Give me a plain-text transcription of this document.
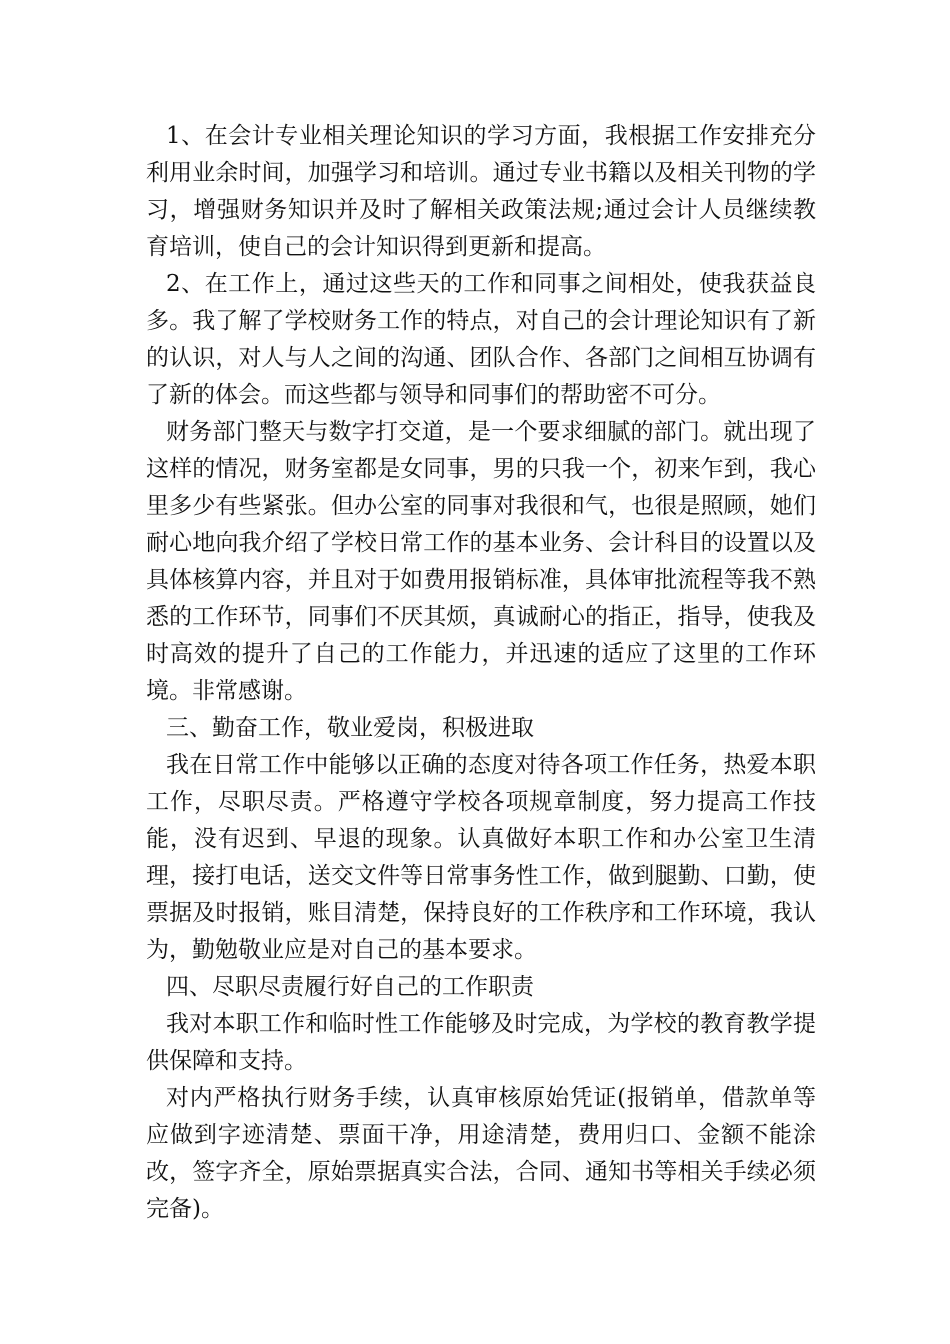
1、在会计专业相关理论知识的学习方面，我根据工作安排充分利用业余时间，加强学习和培训。通过专业书籍以及相关刊物的学习，增强财务知识并及时了解相关政策法规;通过会计人员继续教育培训，使自己的会计知识得到更新和提高。

2、在工作上，通过这些天的工作和同事之间相处，使我获益良多。我了解了学校财务工作的特点，对自己的会计理论知识有了新的认识，对人与人之间的沟通、团队合作、各部门之间相互协调有了新的体会。而这些都与领导和同事们的帮助密不可分。

财务部门整天与数字打交道，是一个要求细腻的部门。就出现了这样的情况，财务室都是女同事，男的只我一个，初来乍到，我心里多少有些紧张。但办公室的同事对我很和气，也很是照顾，她们耐心地向我介绍了学校日常工作的基本业务、会计科目的设置以及具体核算内容，并且对于如费用报销标准，具体审批流程等我不熟悉的工作环节，同事们不厌其烦，真诚耐心的指正，指导，使我及时高效的提升了自己的工作能力，并迅速的适应了这里的工作环境。非常感谢。

三、勤奋工作，敬业爱岗，积极进取

我在日常工作中能够以正确的态度对待各项工作任务，热爱本职工作，尽职尽责。严格遵守学校各项规章制度，努力提高工作技能，没有迟到、早退的现象。认真做好本职工作和办公室卫生清理，接打电话，送交文件等日常事务性工作，做到腿勤、口勤，使票据及时报销，账目清楚，保持良好的工作秩序和工作环境，我认为，勤勉敬业应是对自己的基本要求。

四、尽职尽责履行好自己的工作职责

我对本职工作和临时性工作能够及时完成，为学校的教育教学提供保障和支持。

对内严格执行财务手续，认真审核原始凭证(报销单，借款单等应做到字迹清楚、票面干净，用途清楚，费用归口、金额不能涂改，签字齐全，原始票据真实合法，合同、通知书等相关手续必须完备)。
